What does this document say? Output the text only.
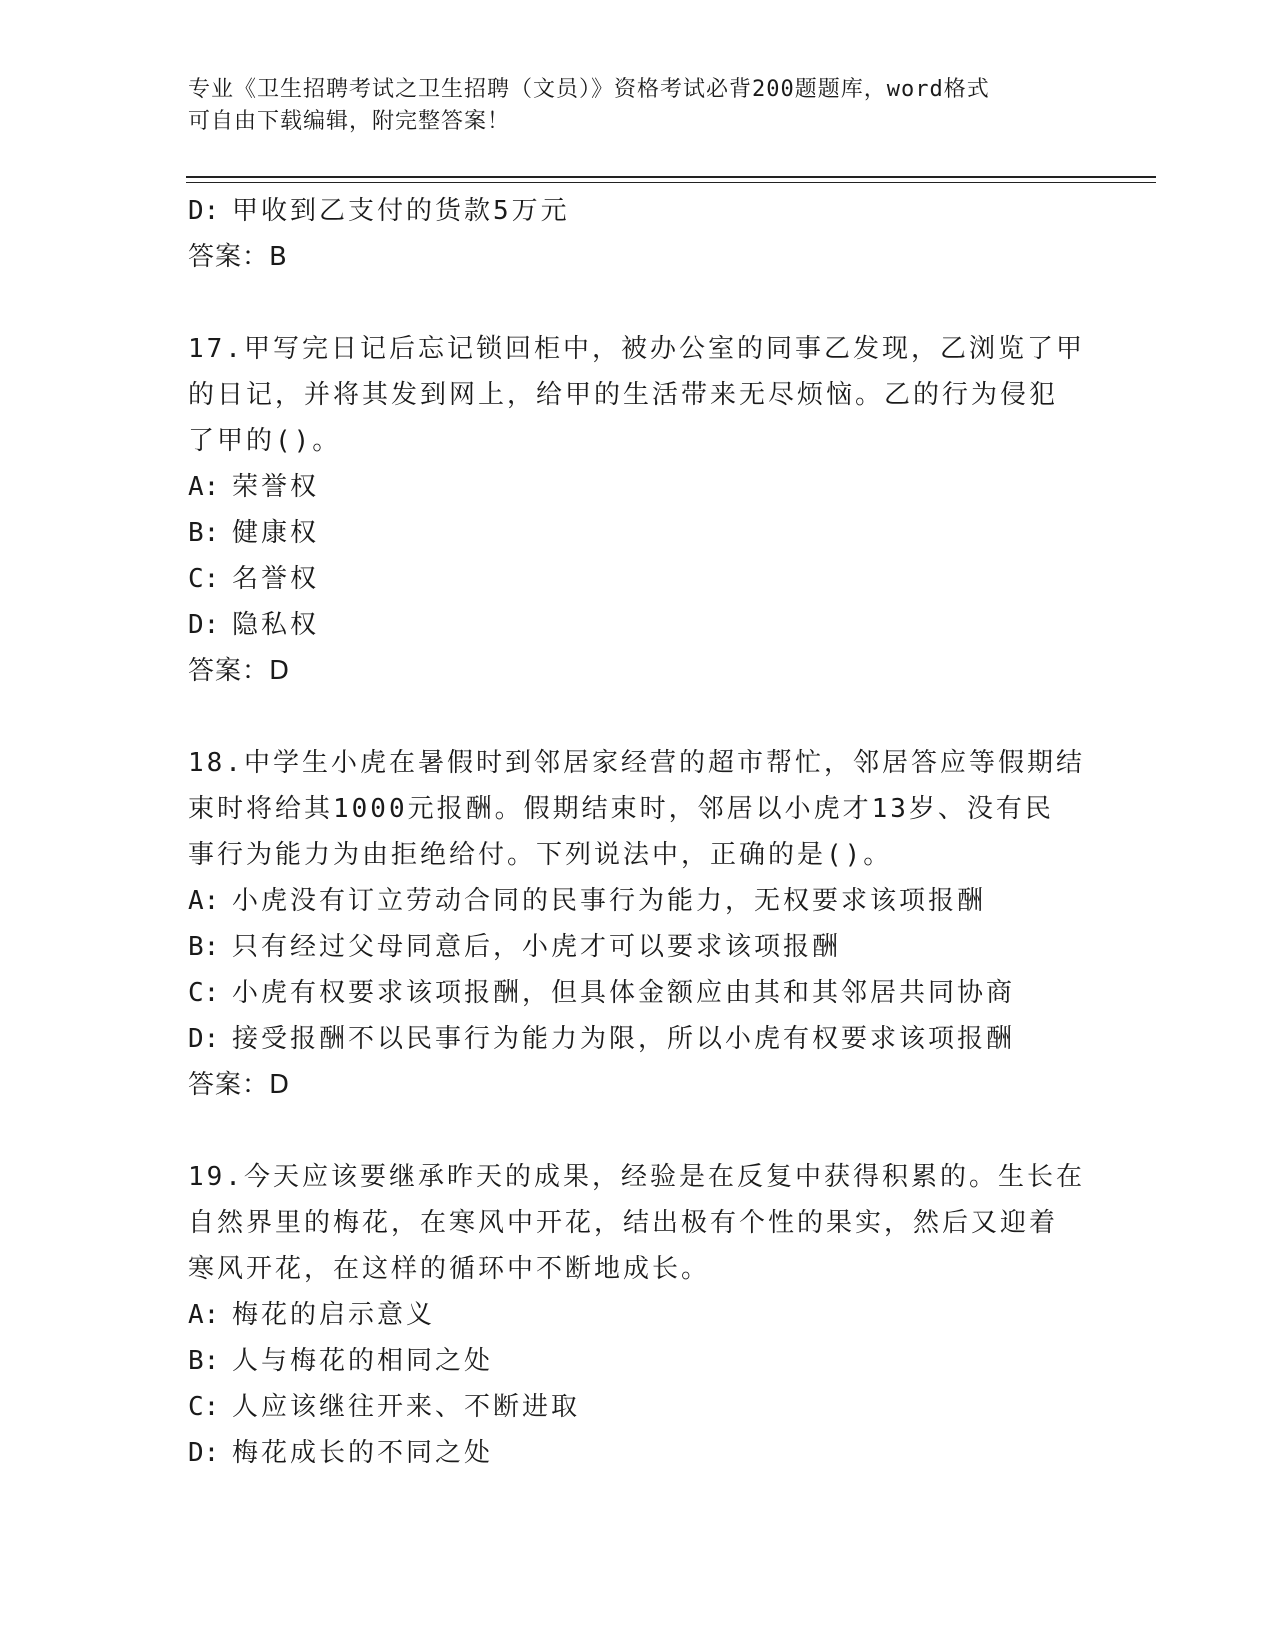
专业《卫生招聘考试之卫生招聘（文员）》资格考试必背200题题库，word格式
可自由下载编辑，附完整答案！
D: 甲收到乙支付的货款5万元
答案：B
17.甲写完日记后忘记锁回柜中，被办公室的同事乙发现，乙浏览了甲
的日记，并将其发到网上，给甲的生活带来无尽烦恼。乙的行为侵犯
了甲的()。
A: 荣誉权
B: 健康权
C: 名誉权
D: 隐私权
答案：D
18.中学生小虎在暑假时到邻居家经营的超市帮忙，邻居答应等假期结
束时将给其1000元报酬。假期结束时，邻居以小虎才13岁、没有民
事行为能力为由拒绝给付。下列说法中，正确的是()。
A: 小虎没有订立劳动合同的民事行为能力，无权要求该项报酬
B: 只有经过父母同意后，小虎才可以要求该项报酬
C: 小虎有权要求该项报酬，但具体金额应由其和其邻居共同协商
D: 接受报酬不以民事行为能力为限，所以小虎有权要求该项报酬
答案：D
19.今天应该要继承昨天的成果，经验是在反复中获得积累的。生长在
自然界里的梅花，在寒风中开花，结出极有个性的果实，然后又迎着
寒风开花，在这样的循环中不断地成长。
A: 梅花的启示意义
B: 人与梅花的相同之处
C: 人应该继往开来、不断进取
D: 梅花成长的不同之处
